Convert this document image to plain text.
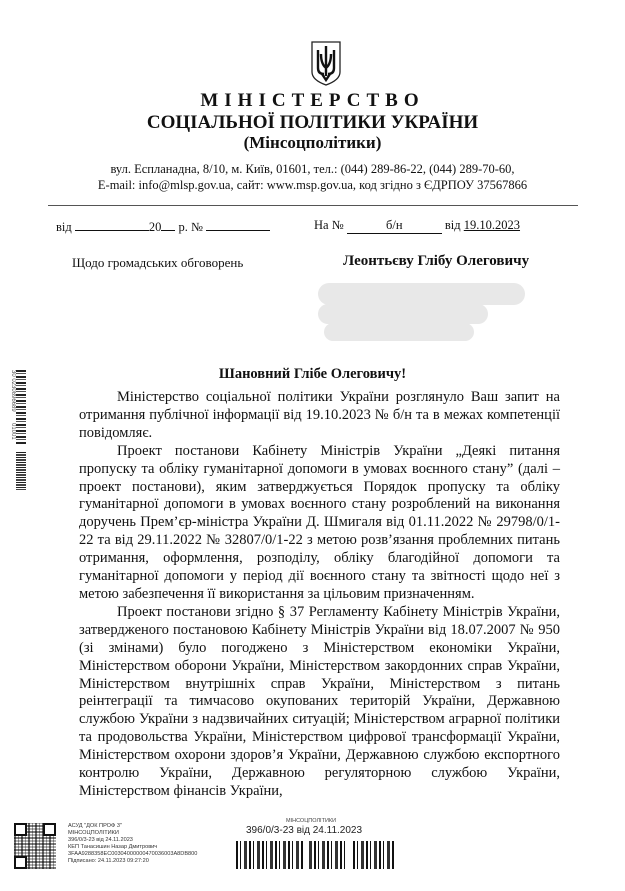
МІНІСТЕРСТВО
СОЦІАЛЬНОЇ ПОЛІТИКИ УКРАЇНИ
(Мінсоцполітики)
вул. Еспланадна, 8/10, м. Київ, 01601, тел.: (044) 289-86-22, (044) 289-70-60,
E-mail: info@mlsp.gov.ua, сайт: www.msp.gov.ua, код згідно з ЄДРПОУ 37567866
від	20 р. №	На №	б/н	від 19.10.2023
Щодо громадських обговорень	Леонтьєву Глібу Олеговичу
Шановний Глібе Олеговичу!

Міністерство соціальної політики України розглянуло Ваш запит на отримання публічної інформації від 19.10.2023 № б/н та в межах компетенції повідомляє.

Проект постанови Кабінету Міністрів України „Деякі питання пропуску та обліку гуманітарної допомоги в умовах воєнного стану” (далі – проект постанови), яким затверджується Порядок пропуску та обліку гуманітарної допомоги в умовах воєнного стану розроблений на виконання доручень Прем’єр-міністра України Д. Шмигаля від 01.11.2022 № 29798/0/1-22 та від 29.11.2022 № 32807/0/1-22 з метою розв’язання проблемних питань отримання, оформлення, розподілу, обліку благодійної допомоги та гуманітарної допомоги у період дії воєнного стану та звітності щодо неї з метою забезпечення її використання за цільовим призначенням.

Проект постанови згідно § 37 Регламенту Кабінету Міністрів України, затвердженого постановою Кабінету Міністрів України від 18.07.2007 № 950 (зі змінами) було погоджено з Міністерством економіки України, Міністерством оборони України, Міністерством закордонних справ України, Міністерством внутрішніх справ України, Міністерством з питань реінтеграції та тимчасово окупованих територій України, Державною службою України з надзвичайних ситуацій; Міністерством аграрної політики та продовольства України, Міністерством цифрової трансформації України, Міністерством охорони здоров’я України, Державною службою експортного контролю України, Державною регуляторною службою України, Міністерством фінансів України,

30 0230896689 01001
АСУД "ДОК ПРОФ 3"
МІНСОЦПОЛІТИКИ
396/0/3-23 від 24.11.2023
КЕП Танасишин Назар Дмитрович
3FAA9288358EC00304000000470036003A8DB800
Підписано: 24.11.2023 09:27:20
МІНСОЦПОЛІТИКИ
396/0/3-23 від 24.11.2023
